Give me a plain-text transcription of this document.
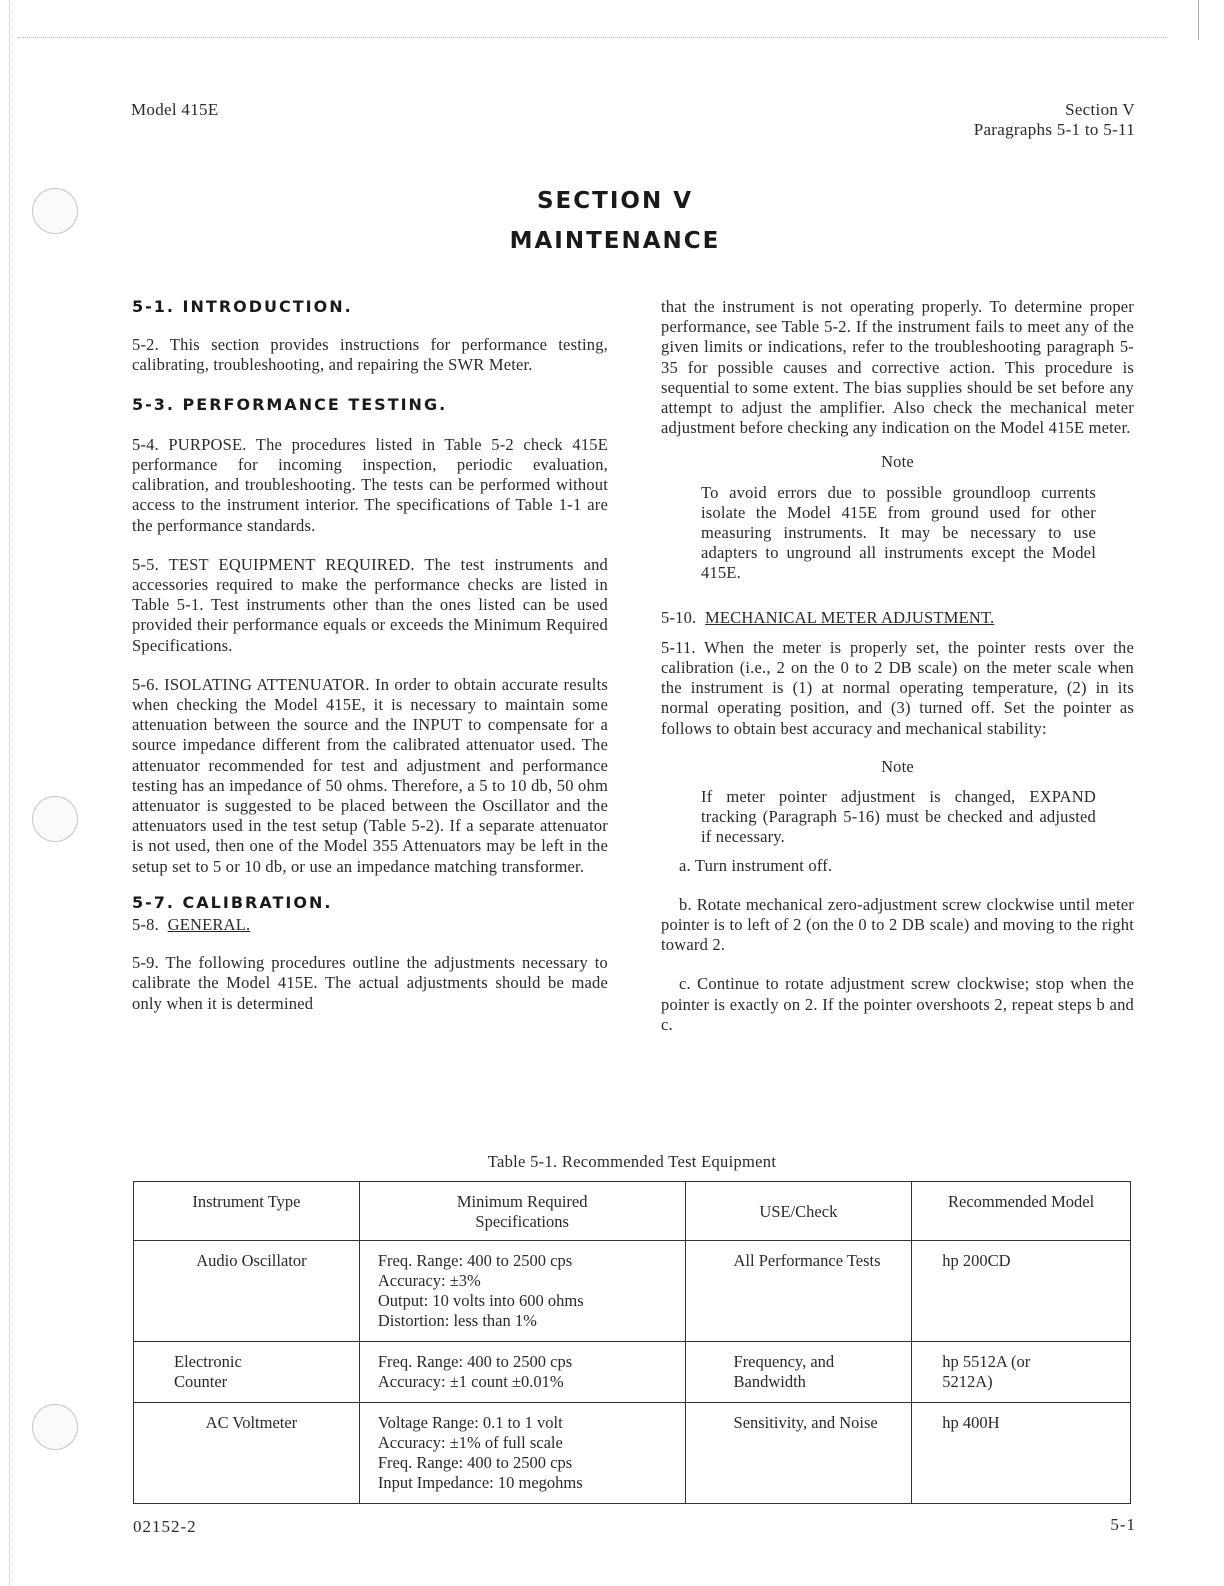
Model 415E	Section V
Paragraphs 5-1 to 5-11
SECTION V
MAINTENANCE
5-1. INTRODUCTION.

5-2. This section provides instructions for performance testing, calibrating, troubleshooting, and repairing the SWR Meter.

5-3. PERFORMANCE TESTING.

5-4. PURPOSE. The procedures listed in Table 5-2 check 415E performance for incoming inspection, periodic evaluation, calibration, and troubleshooting. The tests can be performed without access to the instrument interior. The specifications of Table 1-1 are the performance standards.

5-5. TEST EQUIPMENT REQUIRED. The test instruments and accessories required to make the performance checks are listed in Table 5-1. Test instruments other than the ones listed can be used provided their performance equals or exceeds the Minimum Required Specifications.

5-6. ISOLATING ATTENUATOR. In order to obtain accurate results when checking the Model 415E, it is necessary to maintain some attenuation between the source and the INPUT to compensate for a source impedance different from the calibrated attenuator used. The attenuator recommended for test and adjustment and performance testing has an impedance of 50 ohms. Therefore, a 5 to 10 db, 50 ohm attenuator is suggested to be placed between the Oscillator and the attenuators used in the test setup (Table 5-2). If a separate attenuator is not used, then one of the Model 355 Attenuators may be left in the setup set to 5 or 10 db, or use an impedance matching transformer.

5-7. CALIBRATION.

5-8. GENERAL.

5-9. The following procedures outline the adjustments necessary to calibrate the Model 415E. The actual adjustments should be made only when it is determined

that the instrument is not operating properly. To determine proper performance, see Table 5-2. If the instrument fails to meet any of the given limits or indications, refer to the troubleshooting paragraph 5-35 for possible causes and corrective action. This procedure is sequential to some extent. The bias supplies should be set before any attempt to adjust the amplifier. Also check the mechanical meter adjustment before checking any indication on the Model 415E meter.

Note
To avoid errors due to possible groundloop currents isolate the Model 415E from ground used for other measuring instruments. It may be necessary to use adapters to unground all instruments except the Model 415E.

5-10. MECHANICAL METER ADJUSTMENT.

5-11. When the meter is properly set, the pointer rests over the calibration (i.e., 2 on the 0 to 2 DB scale) on the meter scale when the instrument is (1) at normal operating temperature, (2) in its normal operating position, and (3) turned off. Set the pointer as follows to obtain best accuracy and mechanical stability:

Note
If meter pointer adjustment is changed, EXPAND tracking (Paragraph 5-16) must be checked and adjusted if necessary.

a. Turn instrument off.

b. Rotate mechanical zero-adjustment screw clockwise until meter pointer is to left of 2 (on the 0 to 2 DB scale) and moving to the right toward 2.

c. Continue to rotate adjustment screw clockwise; stop when the pointer is exactly on 2. If the pointer overshoots 2, repeat steps b and c.

Table 5-1. Recommended Test Equipment
Instrument Type	Minimum Required Specifications	USE/Check	Recommended Model
Audio Oscillator	Freq. Range: 400 to 2500 cps
Accuracy: ±3%
Output: 10 volts into 600 ohms
Distortion: less than 1%	All Performance Tests	hp 200CD
Electronic Counter	Freq. Range: 400 to 2500 cps
Accuracy: ±1 count ±0.01%	Frequency, and Bandwidth	hp 5512A (or 5212A)
AC Voltmeter	Voltage Range: 0.1 to 1 volt
Accuracy: ±1% of full scale
Freq. Range: 400 to 2500 cps
Input Impedance: 10 megohms	Sensitivity, and Noise	hp 400H
02152-2	5-1
